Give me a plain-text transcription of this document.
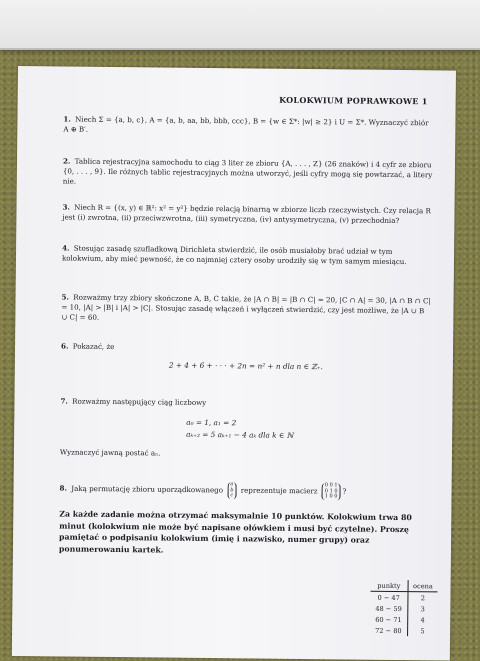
KOLOKWIUM POPRAWKOWE 1
1. Niech Σ = {a, b, c}, A = {a, b, aa, bb, bbb, ccc}, B = {w ∈ Σ*: |w| ≥ 2} i U = Σ*. Wyznaczyć zbiór A ⊕ B′.
2. Tablica rejestracyjna samochodu to ciąg 3 liter ze zbioru {A, . . . , Z} (26 znaków) i 4 cyfr ze zbioru {0, . . . , 9}. Ile różnych tablic rejestracyjnych można utworzyć, jeśli cyfry mogą się powtarzać, a litery nie.
3. Niech R = {(x, y) ∈ ℝ²: x² = y²} będzie relacją binarną w zbiorze liczb rzeczywistych. Czy relacja R jest (i) zwrotna, (ii) przeciwzwrotna, (iii) symetryczna, (iv) antysymetryczna, (v) przechodnia?
4. Stosując zasadę szufladkową Dirichleta stwierdzić, ile osób musiałoby brać udział w tym kolokwium, aby mieć pewność, że co najmniej cztery osoby urodziły się w tym samym miesiącu.
5. Rozważmy trzy zbiory skończone A, B, C takie, że |A ∩ B| = |B ∩ C| = 20, |C ∩ A| = 30, |A ∩ B ∩ C| = 10, |A| > |B| i |A| > |C|. Stosując zasadę włączeń i wyłączeń stwierdzić, czy jest możliwe, że |A ∪ B ∪ C| = 60.
6. Pokazać, że
2 + 4 + 6 + · · · + 2n = n² + n dla n ∈ ℤ₊.
7. Rozważmy następujący ciąg liczbowy
a₀ = 1, a₁ = 2
aₖ₊₂ = 5 aₖ₊₁ − 4 aₖ dla k ∈ ℕ
Wyznaczyć jawną postać aₙ.
8. Jaką permutację zbioru uporządkowanego a
b
c reprezentuje macierz
0 0 1
0 1 0
1 0 0
?
Za każde zadanie można otrzymać maksymalnie 10 punktów. Kolokwium trwa 80 minut (kolokwium nie może być napisane ołówkiem i musi być czytelne). Proszę pamiętać o podpisaniu kolokwium (imię i nazwisko, numer grupy) oraz ponumerowaniu kartek.
punkty	ocena
0 − 47	2
48 − 59	3
60 − 71	4
72 − 80	5
